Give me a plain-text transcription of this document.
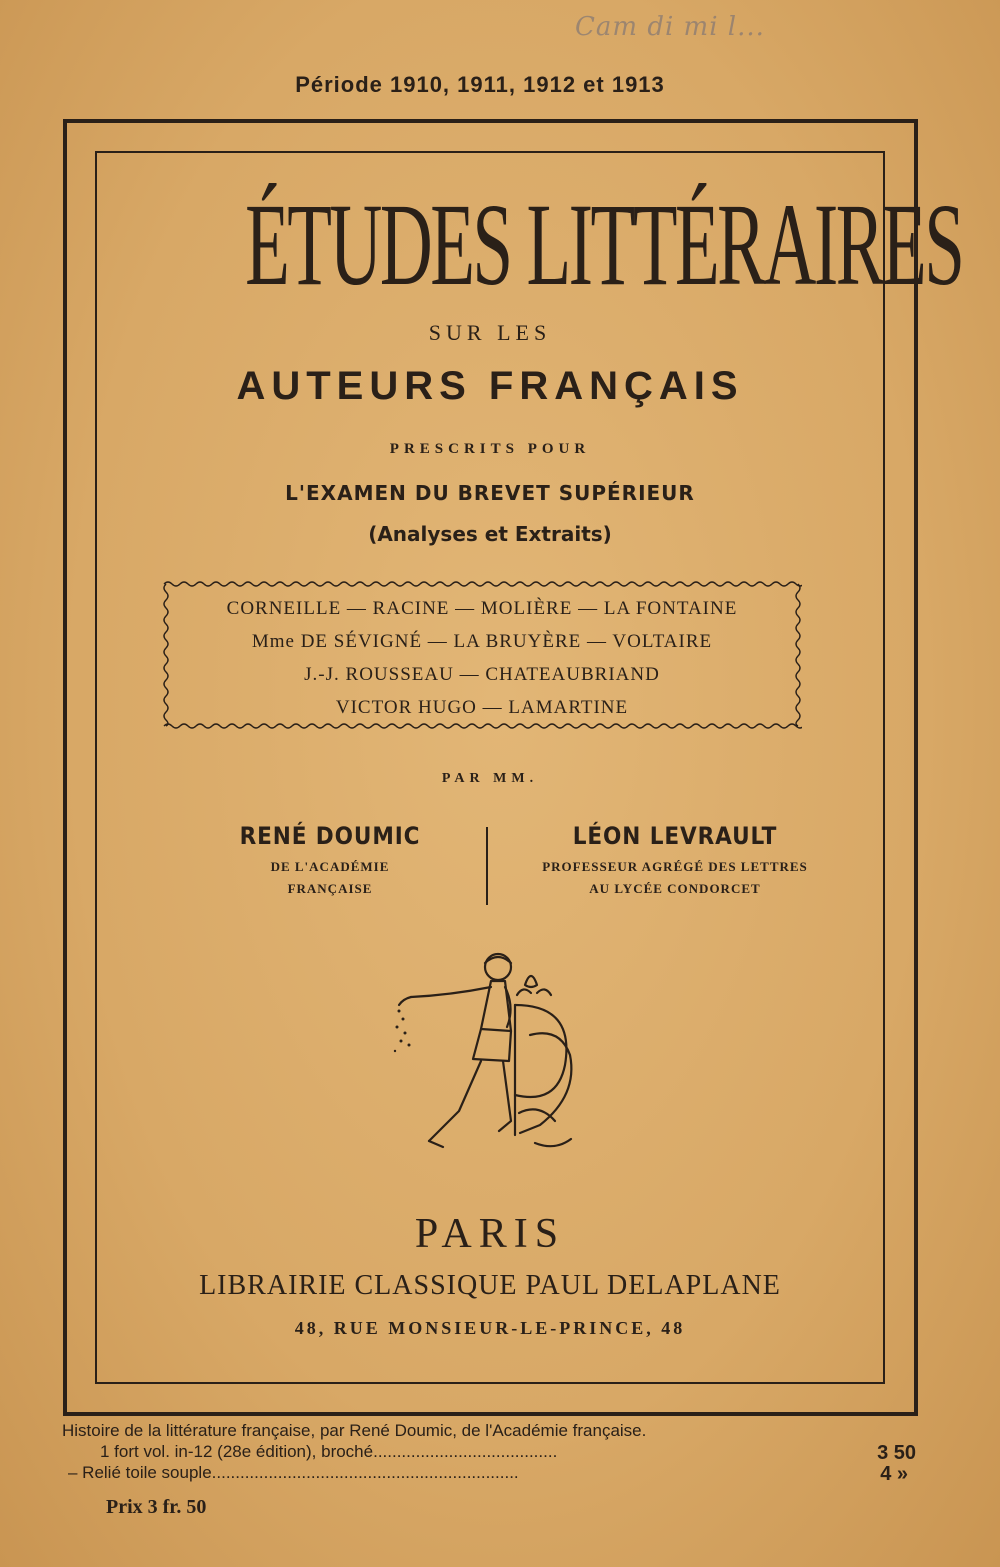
Cam di mi l...
Période 1910, 1911, 1912 et 1913
ÉTUDES LITTÉRAIRES
SUR LES
AUTEURS FRANÇAIS
PRESCRITS POUR
L'EXAMEN DU BREVET SUPÉRIEUR
(Analyses et Extraits)
CORNEILLE — RACINE — MOLIÈRE — LA FONTAINE
Mme DE SÉVIGNÉ — LA BRUYÈRE — VOLTAIRE
J.-J. ROUSSEAU — CHATEAUBRIAND
VICTOR HUGO — LAMARTINE
PAR MM.
RENÉ DOUMIC
DE L'ACADÉMIE
FRANÇAISE
LÉON LEVRAULT
PROFESSEUR AGRÉGÉ DES LETTRES
AU LYCÉE CONDORCET
PARIS
LIBRAIRIE CLASSIQUE PAUL DELAPLANE
48, RUE MONSIEUR-LE-PRINCE, 48
Histoire de la littérature française, par René Doumic, de l'Académie française.
1 fort vol. in-12 (28e édition), broché.......................................	3 50
– Relié toile souple.................................................................	4 »
Prix 3 fr. 50
